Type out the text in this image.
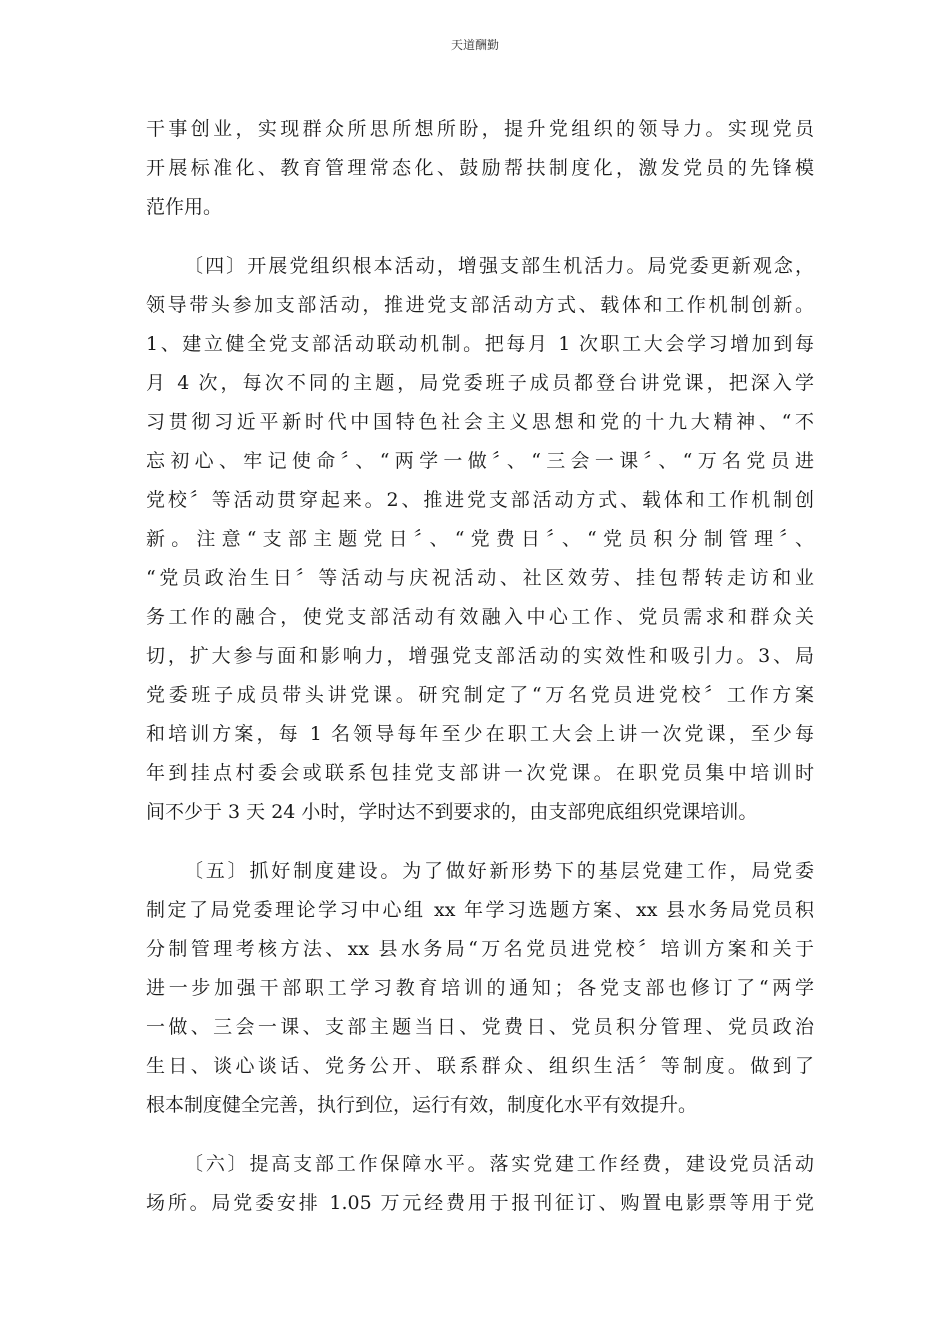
天道酬勤
干事创业，实现群众所思所想所盼，提升党组织的领导力。实现党员
开展标准化、教育管理常态化、鼓励帮扶制度化，激发党员的先锋模
范作用。
〔四〕开展党组织根本活动，增强支部生机活力。局党委更新观念，
领导带头参加支部活动，推进党支部活动方式、载体和工作机制创新。
1、建立健全党支部活动联动机制。把每月 1 次职工大会学习增加到每
月 4 次，每次不同的主题，局党委班子成员都登台讲党课，把深入学
习贯彻习近平新时代中国特色社会主义思想和党的十九大精神、“不
忘初心、牢记使命〞、“两学一做〞、“三会一课〞、“万名党员进
党校〞等活动贯穿起来。2、推进党支部活动方式、载体和工作机制创
新。注意“支部主题党日〞、“党费日〞、“党员积分制管理〞、
“党员政治生日〞等活动与庆祝活动、社区效劳、挂包帮转走访和业
务工作的融合，使党支部活动有效融入中心工作、党员需求和群众关
切，扩大参与面和影响力，增强党支部活动的实效性和吸引力。3、局
党委班子成员带头讲党课。研究制定了“万名党员进党校〞工作方案
和培训方案，每 1 名领导每年至少在职工大会上讲一次党课，至少每
年到挂点村委会或联系包挂党支部讲一次党课。在职党员集中培训时
间不少于 3 天 24 小时，学时达不到要求的，由支部兜底组织党课培训。
〔五〕抓好制度建设。为了做好新形势下的基层党建工作，局党委
制定了局党委理论学习中心组 xx 年学习选题方案、xx 县水务局党员积
分制管理考核方法、xx 县水务局“万名党员进党校〞培训方案和关于
进一步加强干部职工学习教育培训的通知；各党支部也修订了“两学
一做、三会一课、支部主题当日、党费日、党员积分管理、党员政治
生日、谈心谈话、党务公开、联系群众、组织生活〞等制度。做到了
根本制度健全完善，执行到位，运行有效，制度化水平有效提升。
〔六〕提高支部工作保障水平。落实党建工作经费，建设党员活动
场所。局党委安排 1.05 万元经费用于报刊征订、购置电影票等用于党
